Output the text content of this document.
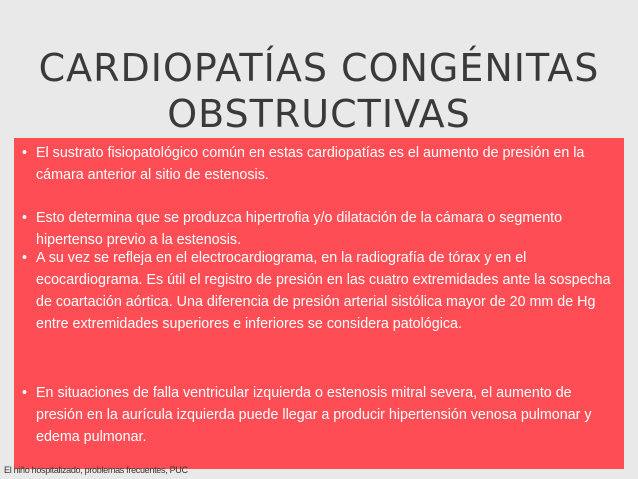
CARDIOPATÍAS CONGÉNITAS
OBSTRUCTIVAS
• El sustrato fisiopatológico común en estas cardiopatías es el aumento de presión en la cámara anterior al sitio de estenosis.
• Esto determina que se produzca hipertrofia y/o dilatación de la cámara o segmento hipertenso previo a la estenosis.
• A su vez se refleja en el electrocardiograma, en la radiografía de tórax y en el ecocardiograma. Es útil el registro de presión en las cuatro extremidades ante la sospecha de coartación aórtica. Una diferencia de presión arterial sistólica mayor de 20 mm de Hg entre extremidades superiores e inferiores se considera patológica.
• En situaciones de falla ventricular izquierda o estenosis mitral severa, el aumento de presión en la aurícula izquierda puede llegar a producir hipertensión venosa pulmonar y edema pulmonar.
El niño hospitalizado, problemas frecuentes, PUC
